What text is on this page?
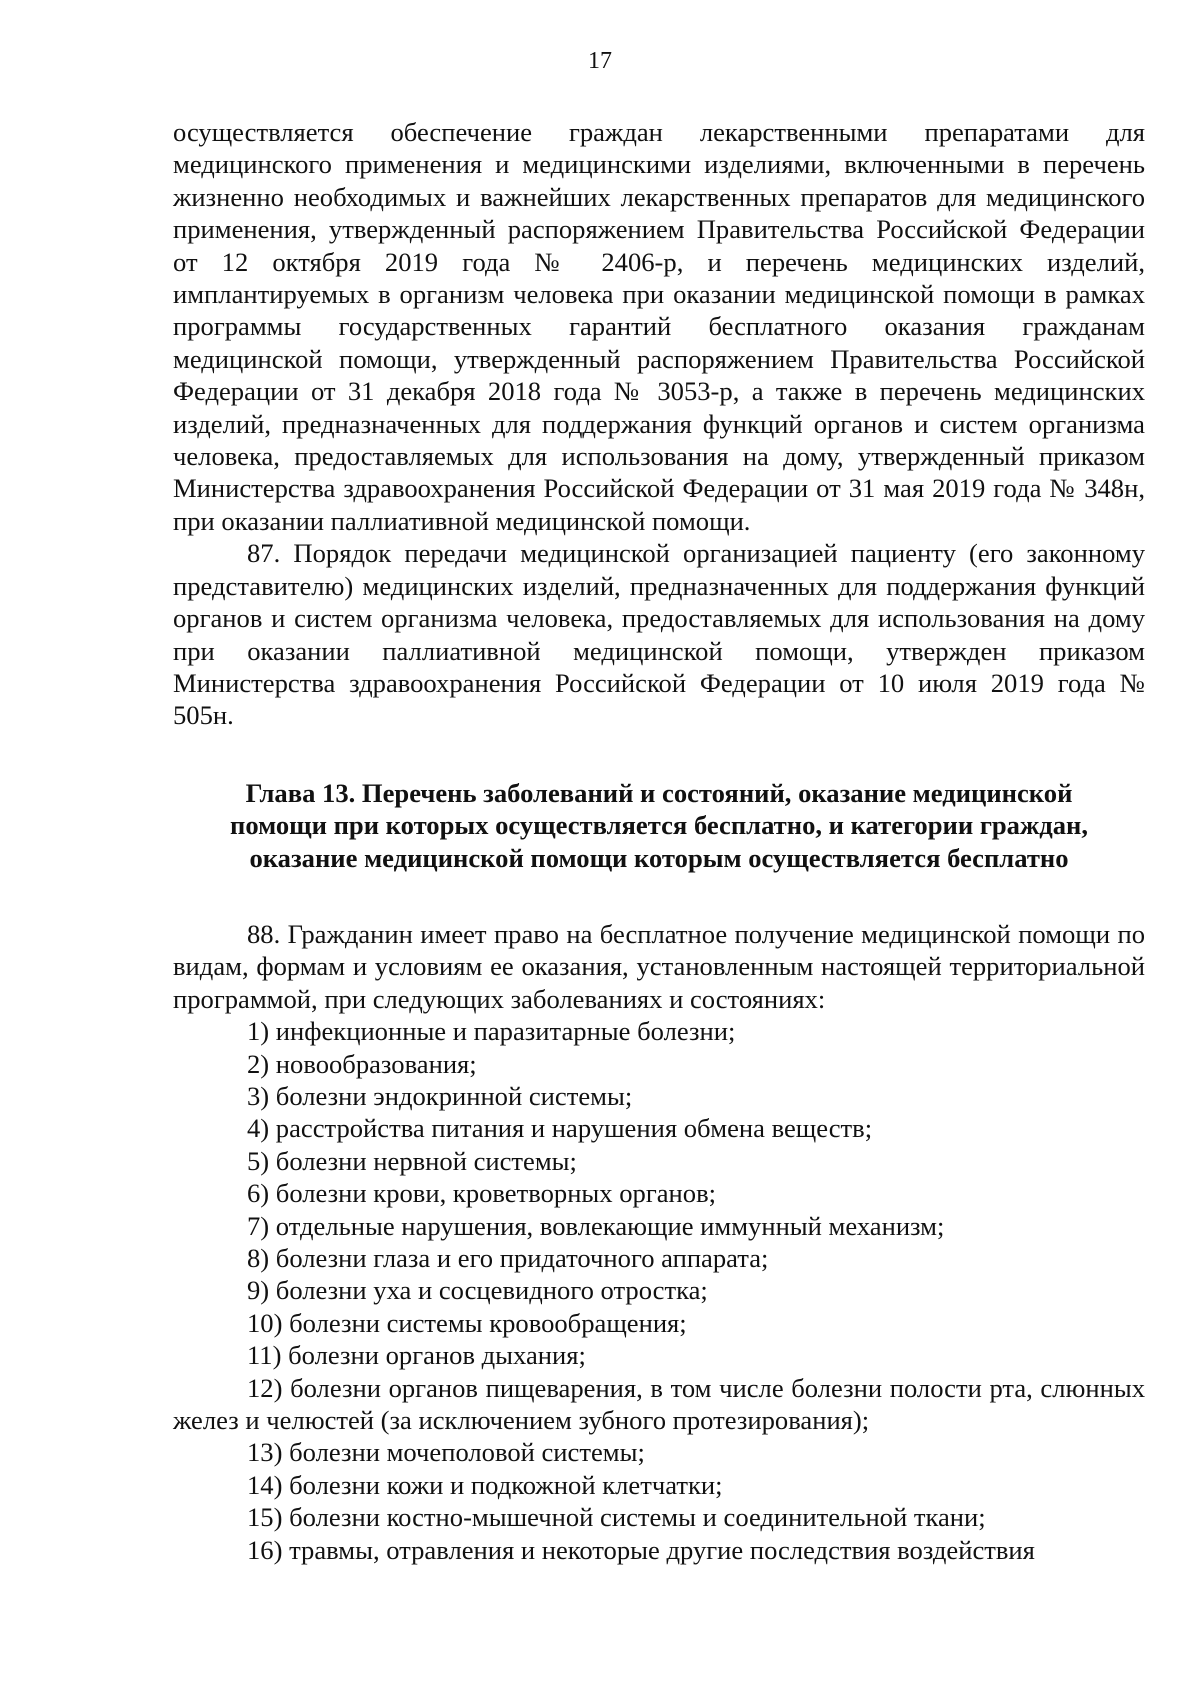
17

осуществляется обеспечение граждан лекарственными препаратами для медицинского применения и медицинскими изделиями, включенными в перечень жизненно необходимых и важнейших лекарственных препаратов для медицинского применения, утвержденный распоряжением Правительства Российской Федерации от 12 октября 2019 года № 2406-р, и перечень медицинских изделий, имплантируемых в организм человека при оказании медицинской помощи в рамках программы государственных гарантий бесплатного оказания гражданам медицинской помощи, утвержденный распоряжением Правительства Российской Федерации от 31 декабря 2018 года № 3053-р, а также в перечень медицинских изделий, предназначенных для поддержания функций органов и систем организма человека, предоставляемых для использования на дому, утвержденный приказом Министерства здравоохранения Российской Федерации от 31 мая 2019 года № 348н, при оказании паллиативной медицинской помощи.

87. Порядок передачи медицинской организацией пациенту (его законному представителю) медицинских изделий, предназначенных для поддержания функций органов и систем организма человека, предоставляемых для использования на дому при оказании паллиативной медицинской помощи, утвержден приказом Министерства здравоохранения Российской Федерации от 10 июля 2019 года № 505н.

Глава 13. Перечень заболеваний и состояний, оказание медицинской
помощи при которых осуществляется бесплатно, и категории граждан,
оказание медицинской помощи которым осуществляется бесплатно

88. Гражданин имеет право на бесплатное получение медицинской помощи по видам, формам и условиям ее оказания, установленным настоящей территориальной программой, при следующих заболеваниях и состояниях:

1) инфекционные и паразитарные болезни;

2) новообразования;

3) болезни эндокринной системы;

4) расстройства питания и нарушения обмена веществ;

5) болезни нервной системы;

6) болезни крови, кроветворных органов;

7) отдельные нарушения, вовлекающие иммунный механизм;

8) болезни глаза и его придаточного аппарата;

9) болезни уха и сосцевидного отростка;

10) болезни системы кровообращения;

11) болезни органов дыхания;

12) болезни органов пищеварения, в том числе болезни полости рта, слюнных желез и челюстей (за исключением зубного протезирования);

13) болезни мочеполовой системы;

14) болезни кожи и подкожной клетчатки;

15) болезни костно-мышечной системы и соединительной ткани;

16) травмы, отравления и некоторые другие последствия воздействия
